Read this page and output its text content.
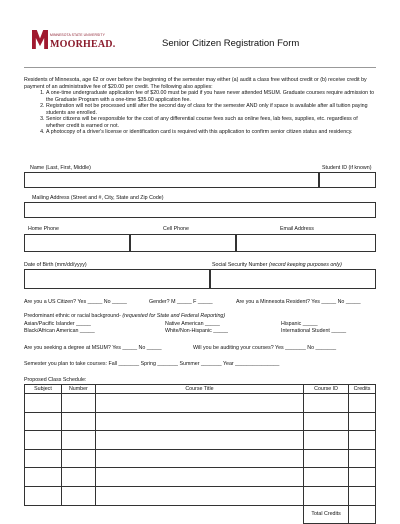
MINNESOTA STATE UNIVERSITY
MOORHEAD.	Senior Citizen Registration Form
Residents of Minnesota, age 62 or over before the beginning of the semester may either (a) audit a class free without credit or (b) receive credit by payment of an administrative fee of $20.00 per credit. The following also applies:
1. A one-time undergraduate application fee of $20.00 must be paid if you have never attended MSUM. Graduate courses require admission to the Graduate Program with a one-time $35.00 application fee.
2. Registration will not be processed until after the second day of class for the semester AND only if space is available after all tuition paying students are enrolled.
3. Senior citizens will be responsible for the cost of any differential course fees such as online fees, lab fees, supplies, etc. regardless of whether credit is earned or not.
4. A photocopy of a driver's license or identification card is required with this application to confirm senior citizen status and residency.
Name (Last, First, Middle)	Student ID (if known)
Mailing Address (Street and #, City, State and Zip Code)
Home Phone	Cell Phone	Email Address
Date of Birth (mm/dd/yyyy)	Social Security Number (record keeping purposes only)
Are you a US Citizen? Yes _____ No _____	Gender? M _____ F _____	Are you a Minnesota Resident? Yes _____ No _____
Predominant ethnic or racial background- (requested for State and Federal Reporting)
Asian/Pacific Islander _____	Native American _____	Hispanic _____
Black/African American _____	White/Non-Hispanic _____	International Student _____
Are you seeking a degree at MSUM? Yes _____ No _____	Will you be auditing your courses? Yes _______ No _______
Semester you plan to take courses: Fall _______ Spring _______ Summer _______ Year _______________
Proposed Class Schedule:
Subject	Number	Course Title	Course ID	Credits

			Total Credits	
